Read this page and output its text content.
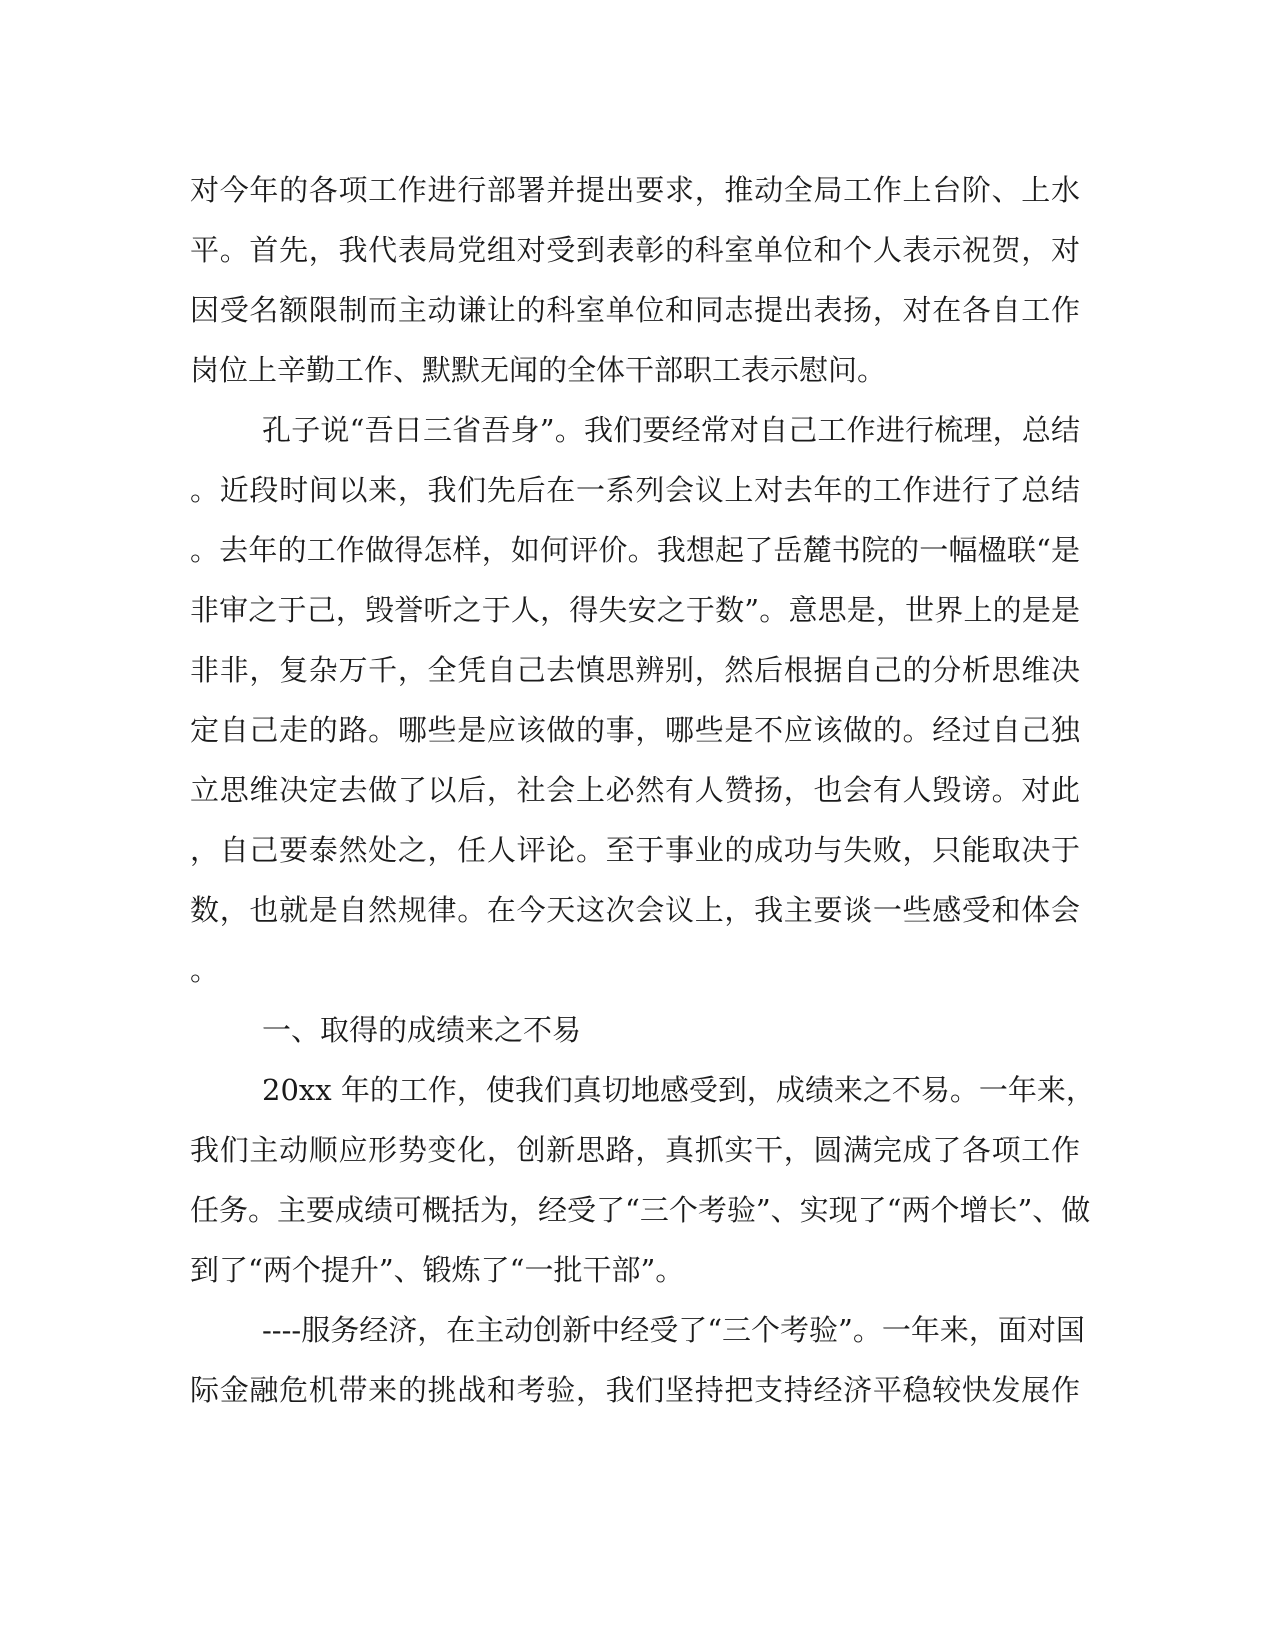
对今年的各项工作进行部署并提出要求，推动全局工作上台阶、上水
平。首先，我代表局党组对受到表彰的科室单位和个人表示祝贺，对
因受名额限制而主动谦让的科室单位和同志提出表扬，对在各自工作
岗位上辛勤工作、默默无闻的全体干部职工表示慰问。
孔子说“吾日三省吾身”。我们要经常对自己工作进行梳理，总结
。近段时间以来，我们先后在一系列会议上对去年的工作进行了总结
。去年的工作做得怎样，如何评价。我想起了岳麓书院的一幅楹联“是
非审之于己，毁誉听之于人，得失安之于数”。意思是，世界上的是是
非非，复杂万千，全凭自己去慎思辨别，然后根据自己的分析思维决
定自己走的路。哪些是应该做的事，哪些是不应该做的。经过自己独
立思维决定去做了以后，社会上必然有人赞扬，也会有人毁谤。对此
，自己要泰然处之，任人评论。至于事业的成功与失败，只能取决于
数，也就是自然规律。在今天这次会议上，我主要谈一些感受和体会
。
一、取得的成绩来之不易
20xx 年的工作，使我们真切地感受到，成绩来之不易。一年来，
我们主动顺应形势变化，创新思路，真抓实干，圆满完成了各项工作
任务。主要成绩可概括为，经受了“三个考验”、实现了“两个增长”、做
到了“两个提升”、锻炼了“一批干部”。
----服务经济，在主动创新中经受了“三个考验”。一年来，面对国
际金融危机带来的挑战和考验，我们坚持把支持经济平稳较快发展作
